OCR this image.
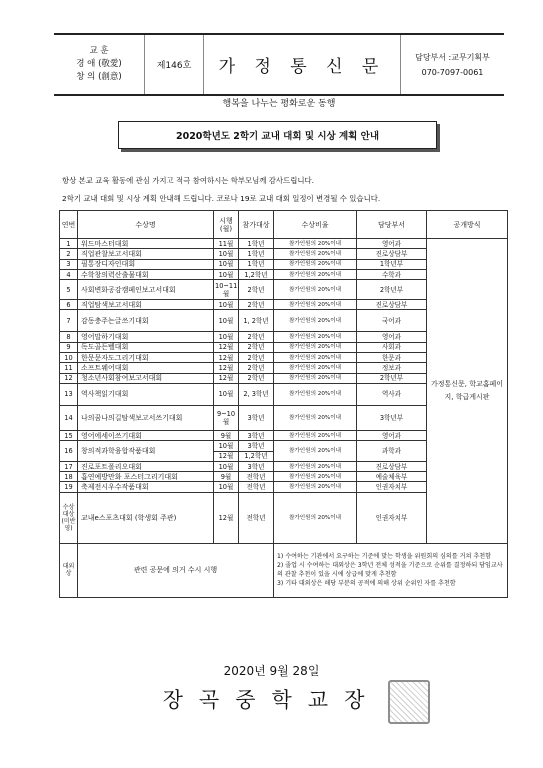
교 훈
경 애 (敬愛)
창 의 (創意)
제146호	가 정 통 신 문	담당부서 :교무기획부
070-7097-0061
행복을 나누는 평화로운 동행
2020학년도 2학기 교내 대회 및 시상 계획 안내
항상 본교 교육 활동에 관심 가지고 적극 참여하시는 학부모님께 감사드립니다.
2학기 교내 대회 및 시상 계획 안내해 드립니다. 코로나 19로 교내 대회 일정이 변경될 수 있습니다.
연번	수상명	시행(월)	참가대상	수상비율	담당부서	공개방식
1	워드마스터대회	11월	1학년	참가인원의 20%이내	영어과	가정통신문, 학교홈페이지, 학급게시판
2	직업관찰보고서대회	10월	1학년	참가인원의 20%이내	진로상담부	
3	필통장디자인대회	10월	1학년	참가인원의 20%이내	1학년부	
4	수학창의력산출물대회	10월	1,2학년	참가인원의 20%이내	수학과	
5	사회변화공감캠페인보고서대회	10~11월	2학년	참가인원의 20%이내	2학년부	
6	직업탐색보고서대회	10월	2학년	참가인원의 20%이내	진로상담부	
7	감동충주는글쓰기대회	10월	1, 2학년	참가인원의 20%이내	국어과	
8	영어말하기대회	10월	2학년	참가인원의 20%이내	영어과	
9	독도골든벨대회	12월	2학년	참가인원의 20%이내	사회과	
10	한문문자도그리기대회	12월	2학년	참가인원의 20%이내	한문과	
11	소프트웨어대회	12월	2학년	참가인원의 20%이내	정보과	
12	청소년사회참여보고서대회	12월	2학년	참가인원의 20%이내	2학년부	
13	역사책읽기대회	10월	2, 3학년	참가인원의 20%이내	역사과	
14	나의꿈나의길탐색보고서쓰기대회	9~10월	3학년	참가인원의 20%이내	3학년부	
15	영어에세이쓰기대회	9월	3학년	참가인원의 20%이내	영어과	
16	창의적과학융합작품대회	10월	3학년	참가인원의 20%이내	과학과	
		12월	1,2학년			
17	진로포트폴리오대회	10월	3학년	참가인원의 20%이내	진로상담부	
18	흡연예방만화 포스터그리기대회	9월	전학년	참가인원의 20%이내	예술체육부	
19	축제전시우수작품대회	10월	전학년	참가인원의 20%이내	인권자치부	
수상대상(미반영)	교내e스포츠대회 (학생회 주관)	12월	전학년	참가인원의 20%이내	인권자치부	
대외상	관련 공문에 의거 수시 시행			1) 수여하는 기관에서 요구하는 기준에 맞는 학생을 위원회의 심의를 거쳐 추천함
2) 졸업 시 수여하는 대외상은 3학년 전체 성적을 기준으로 순위를 결정하되 담임교사의 관찰 추천이 있을 시에 상급에 맞게 추천함
3) 기타 대외상은 해당 부분의 공적에 의해 상위 순위인 자를 추천함		
2020년 9월 28일
장곡중학교장
